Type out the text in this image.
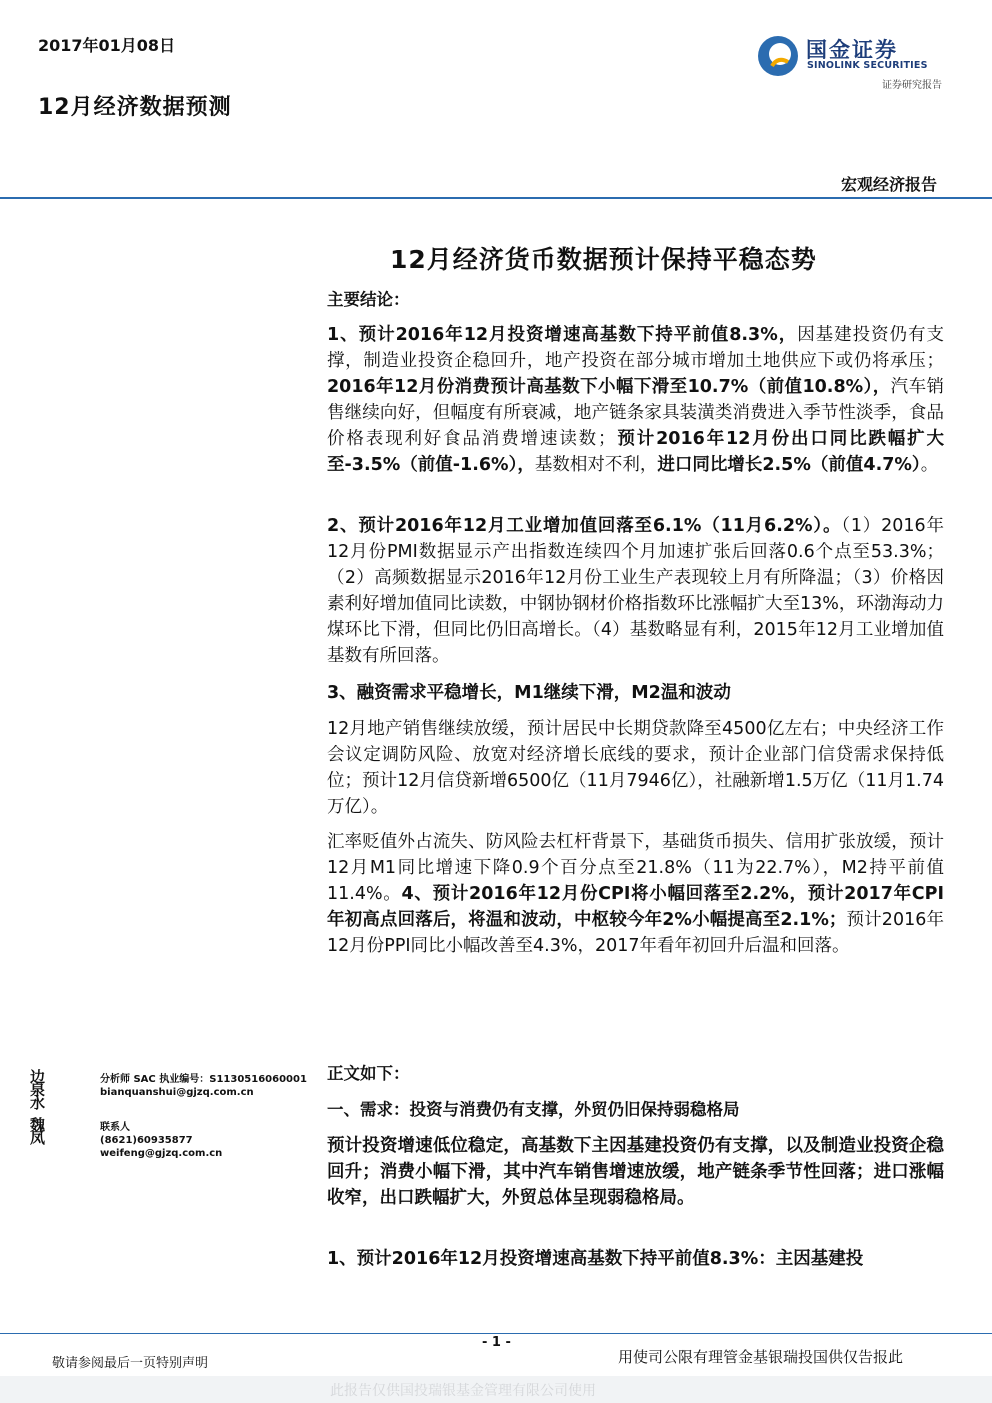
2017年01月08日
12月经济数据预测
国金证券
SINOLINK SECURITIES
证券研究报告
宏观经济报告
12月经济货币数据预计保持平稳态势

主要结论：

1、预计2016年12月投资增速高基数下持平前值8.3%，因基建投资仍有支撑，制造业投资企稳回升，地产投资在部分城市增加土地供应下或仍将承压；2016年12月份消费预计高基数下小幅下滑至10.7%（前值10.8%），汽车销售继续向好，但幅度有所衰减，地产链条家具装潢类消费进入季节性淡季，食品价格表现利好食品消费增速读数；预计2016年12月份出口同比跌幅扩大至-3.5%（前值-1.6%），基数相对不利，进口同比增长2.5%（前值4.7%）。

2、预计2016年12月工业增加值回落至6.1%（11月6.2%）。（1）2016年12月份PMI数据显示产出指数连续四个月加速扩张后回落0.6个点至53.3%；（2）高频数据显示2016年12月份工业生产表现较上月有所降温；（3）价格因素利好增加值同比读数，中钢协钢材价格指数环比涨幅扩大至13%，环渤海动力煤环比下滑，但同比仍旧高增长。（4）基数略显有利，2015年12月工业增加值基数有所回落。

3、融资需求平稳增长，M1继续下滑，M2温和波动

12月地产销售继续放缓，预计居民中长期贷款降至4500亿左右；中央经济工作会议定调防风险、放宽对经济增长底线的要求，预计企业部门信贷需求保持低位；预计12月信贷新增6500亿（11月7946亿），社融新增1.5万亿（11月1.74万亿）。

汇率贬值外占流失、防风险去杠杆背景下，基础货币损失、信用扩张放缓，预计12月M1同比增速下降0.9个百分点至21.8%（11为22.7%），M2持平前值11.4%。4、预计2016年12月份CPI将小幅回落至2.2%，预计2017年CPI年初高点回落后，将温和波动，中枢较今年2%小幅提高至2.1%；预计2016年12月份PPI同比小幅改善至4.3%，2017年看年初回升后温和回落。

边泉水
分析师 SAC 执业编号：S1130516060001
bianquanshui@gjzq.com.cn
魏凤
联系人
(8621)60935877
weifeng@gjzq.com.cn

正文如下：

一、需求：投资与消费仍有支撑，外贸仍旧保持弱稳格局

预计投资增速低位稳定，高基数下主因基建投资仍有支撑，以及制造业投资企稳回升；消费小幅下滑，其中汽车销售增速放缓，地产链条季节性回落；进口涨幅收窄，出口跌幅扩大，外贸总体呈现弱稳格局。

1、预计2016年12月投资增速高基数下持平前值8.3%：主因基建投

- 1 -
敬请参阅最后一页特别声明	用使司公限有理管金基银瑞投国供仅告报此
此报告仅供国投瑞银基金管理有限公司使用
